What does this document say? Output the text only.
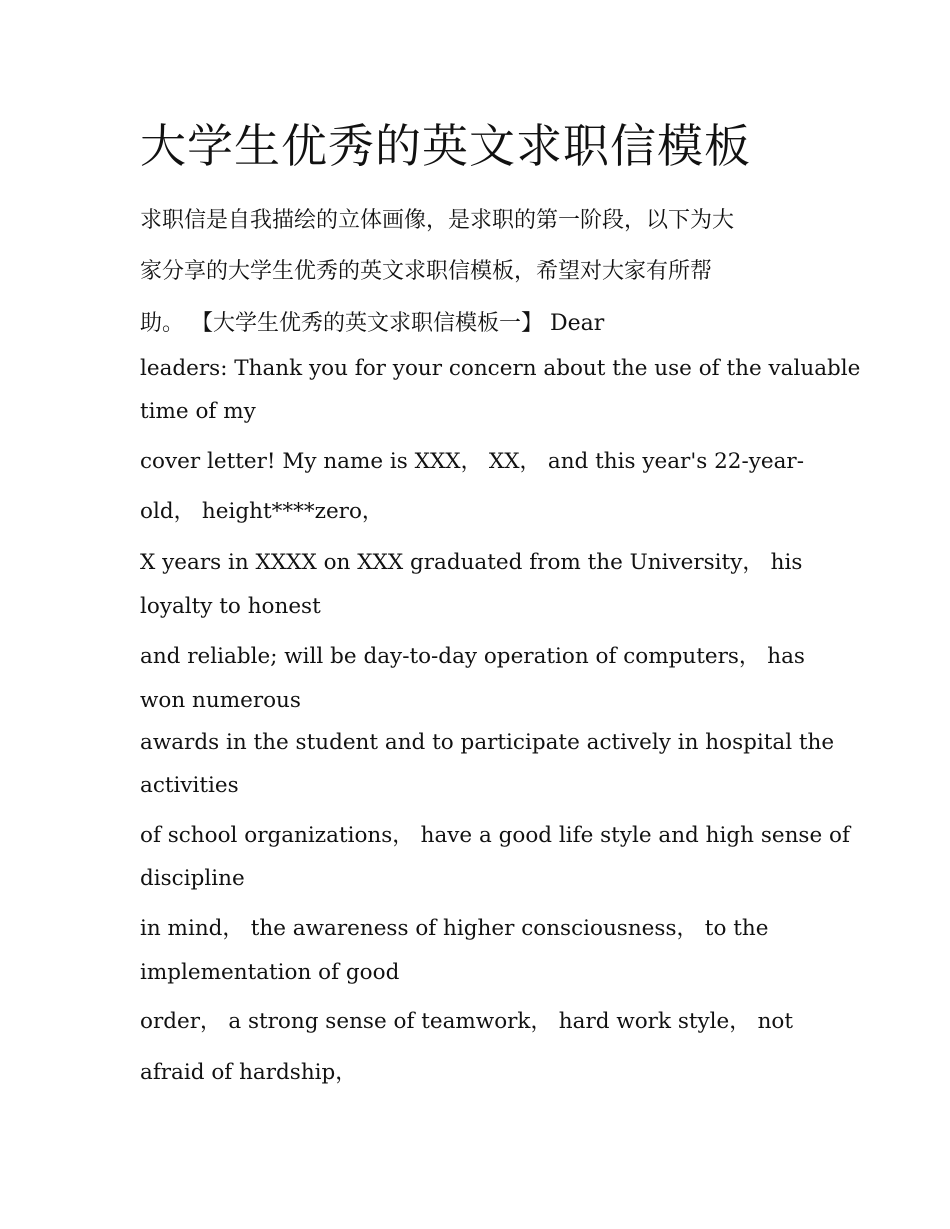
大学生优秀的英文求职信模板

求职信是自我描绘的立体画像，是求职的第一阶段，以下为大

家分享的大学生优秀的英文求职信模板，希望对大家有所帮

助。 【大学生优秀的英文求职信模板一】 Dear

leaders: Thank you for your concern about the use of the valuable

time of my

cover letter! My name is XXX， XX， and this year's 22-year-

old， height****zero，

X years in XXXX on XXX graduated from the University， his

loyalty to honest

and reliable; will be day-to-day operation of computers， has

won numerous

awards in the student and to participate actively in hospital the

activities

of school organizations， have a good life style and high sense of

discipline

in mind， the awareness of higher consciousness， to the

implementation of good

order， a strong sense of teamwork， hard work style， not

afraid of hardship，
